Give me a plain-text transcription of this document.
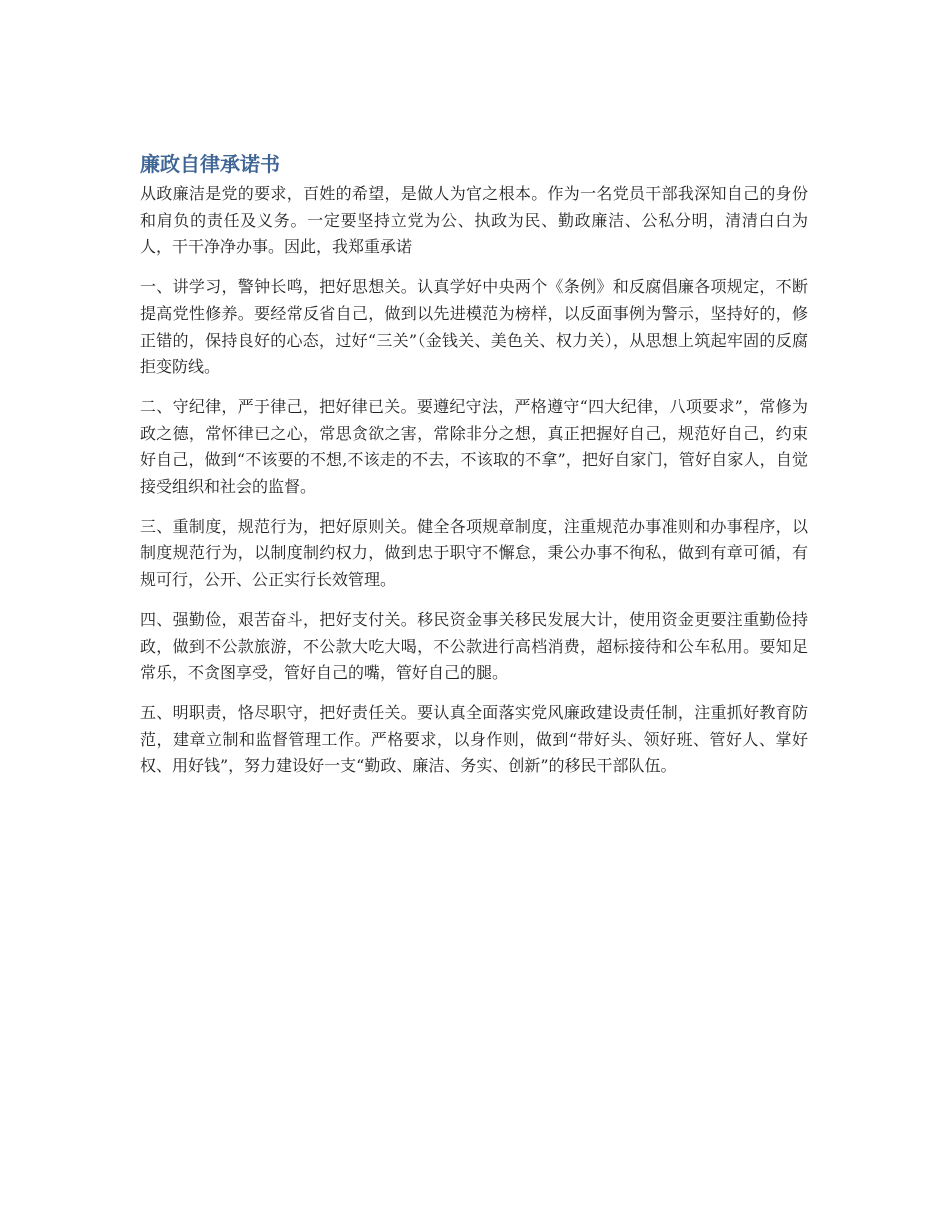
廉政自律承诺书

从政廉洁是党的要求，百姓的希望，是做人为官之根本。作为一名党员干部我深知自己的身份和肩负的责任及义务。一定要坚持立党为公、执政为民、勤政廉洁、公私分明，清清白白为人，干干净净办事。因此，我郑重承诺

一、讲学习，警钟长鸣，把好思想关。认真学好中央两个《条例》和反腐倡廉各项规定，不断提高党性修养。要经常反省自己，做到以先进模范为榜样，以反面事例为警示，坚持好的，修正错的，保持良好的心态，过好“三关”（金钱关、美色关、权力关），从思想上筑起牢固的反腐拒变防线。

二、守纪律，严于律己，把好律已关。要遵纪守法，严格遵守“四大纪律，八项要求”，常修为政之德，常怀律已之心，常思贪欲之害，常除非分之想，真正把握好自己，规范好自己，约束好自己，做到“不该要的不想,不该走的不去，不该取的不拿”，把好自家门，管好自家人，自觉接受组织和社会的监督。

三、重制度，规范行为，把好原则关。健全各项规章制度，注重规范办事准则和办事程序，以制度规范行为，以制度制约权力，做到忠于职守不懈怠，秉公办事不徇私，做到有章可循，有规可行，公开、公正实行长效管理。

四、强勤俭，艰苦奋斗，把好支付关。移民资金事关移民发展大计，使用资金更要注重勤俭持政，做到不公款旅游，不公款大吃大喝，不公款进行高档消费，超标接待和公车私用。要知足常乐，不贪图享受，管好自己的嘴，管好自己的腿。

五、明职责，恪尽职守，把好责任关。要认真全面落实党风廉政建设责任制，注重抓好教育防范，建章立制和监督管理工作。严格要求，以身作则，做到“带好头、领好班、管好人、掌好权、用好钱”，努力建设好一支“勤政、廉洁、务实、创新”的移民干部队伍。
